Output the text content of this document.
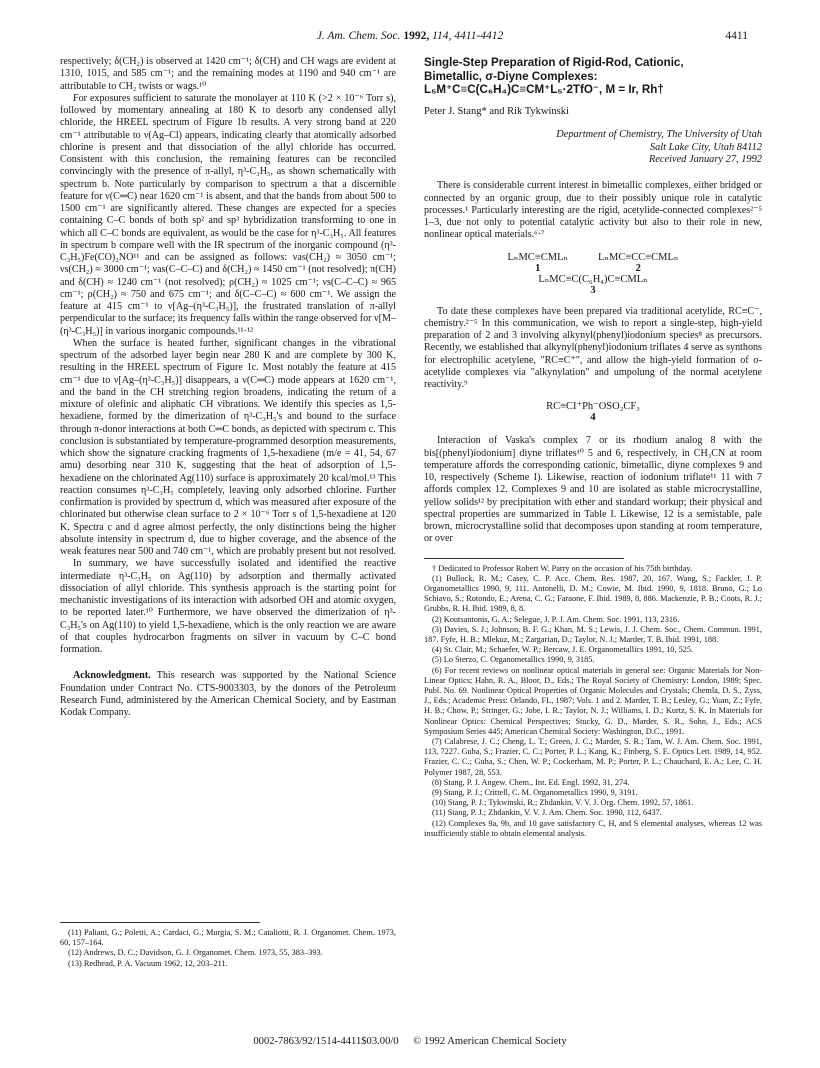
J. Am. Chem. Soc. 1992, 114, 4411-4412	4411

respectively; δ(CH₂) is observed at 1420 cm⁻¹; δ(CH) and CH wags are evident at 1310, 1015, and 585 cm⁻¹; and the remaining modes at 1190 and 940 cm⁻¹ are attributable to CH₂ twists or wags.¹⁰

For exposures sufficient to saturate the monolayer at 110 K (>2 × 10⁻⁶ Torr s), followed by momentary annealing at 180 K to desorb any condensed allyl chloride, the HREEL spectrum of Figure 1b results. A very strong band at 220 cm⁻¹ attributable to ν(Ag–Cl) appears, indicating clearly that atomically adsorbed chlorine is present and that dissociation of the allyl chloride has occurred. Consistent with this conclusion, the remaining features can be reconciled convincingly with the presence of π-allyl, η³-C₃H₅, as shown schematically with spectrum b. Note particularly by comparison to spectrum a that a discernible feature for ν(C═C) near 1620 cm⁻¹ is absent, and that the bands from about 500 to 1500 cm⁻¹ are significantly altered. These changes are expected for a species containing C–C bonds of both sp² and sp³ hybridization transforming to one in which all C–C bonds are equivalent, as would be the case for η³-C₃H₅. All features in spectrum b compare well with the IR spectrum of the inorganic compound (η³-C₃H₅)Fe(CO)₂NO¹¹ and can be assigned as follows: νas(CH₂) ≈ 3050 cm⁻¹; νs(CH₂) ≈ 3000 cm⁻¹; νas(C–C–C) and δ(CH₂) ≈ 1450 cm⁻¹ (not resolved); π(CH) and δ(CH) ≈ 1240 cm⁻¹ (not resolved); ρ(CH₂) ≈ 1025 cm⁻¹; νs(C–C–C) ≈ 965 cm⁻¹; ρ(CH₂) ≈ 750 and 675 cm⁻¹; and δ(C–C–C) ≈ 600 cm⁻¹. We assign the feature at 415 cm⁻¹ to ν[Ag–(η³-C₃H₅)], the frustrated translation of π-allyl perpendicular to the surface; its frequency falls within the range observed for ν[M–(η³-C₃H₅)] in various inorganic compounds.¹¹·¹²

When the surface is heated further, significant changes in the vibrational spectrum of the adsorbed layer begin near 280 K and are complete by 300 K, resulting in the HREEL spectrum of Figure 1c. Most notably the feature at 415 cm⁻¹ due to ν[Ag–(η³-C₃H₅)] disappears, a ν(C═C) mode appears at 1620 cm⁻¹, and the band in the CH stretching region broadens, indicating the return of a mixture of olefinic and aliphatic CH vibrations. We identify this species as 1,5-hexadiene, formed by the dimerization of η³-C₃H₅'s and bound to the surface through π-donor interactions at both C═C bonds, as depicted with spectrum c. This conclusion is substantiated by temperature-programmed desorption measurements, which show the signature cracking fragments of 1,5-hexadiene (m/e = 41, 54, 67 amu) desorbing near 310 K, suggesting that the heat of adsorption of 1,5-hexadiene on the chlorinated Ag(110) surface is approximately 20 kcal/mol.¹³ This reaction consumes η³-C₃H₅ completely, leaving only adsorbed chlorine. Further confirmation is provided by spectrum d, which was measured after exposure of the chlorinated but otherwise clean surface to 2 × 10⁻⁶ Torr s of 1,5-hexadiene at 120 K. Spectra c and d agree almost perfectly, the only distinctions being the higher absolute intensity in spectrum d, due to higher coverage, and the absence of the weak features near 500 and 740 cm⁻¹, which are probably present but not resolved.

In summary, we have successfully isolated and identified the reactive intermediate η³-C₃H₅ on Ag(110) by adsorption and thermally activated dissociation of allyl chloride. This synthesis approach is the starting point for mechanistic investigations of its interaction with adsorbed OH and atomic oxygen, to be reported later.¹⁰ Furthermore, we have observed the dimerization of η³-C₃H₅'s on Ag(110) to yield 1,5-hexadiene, which is the only reaction we are aware of that couples hydrocarbon fragments on silver in vacuum by C–C bond formation.

Acknowledgment. This research was supported by the National Science Foundation under Contract No. CTS-9003303, by the donors of the Petroleum Research Fund, administered by the American Chemical Society, and by Eastman Kodak Company.

(11) Paliani, G.; Poletti, A.; Cardaci, G.; Murgia, S. M.; Cataliotti, R. J. Organomet. Chem. 1973, 60, 157–164.

(12) Andrews, D. C.; Davidson, G. J. Organomet. Chem. 1973, 55, 383–393.

(13) Redhead, P. A. Vacuum 1962, 12, 203–211.

Single-Step Preparation of Rigid-Rod, Cationic,
Bimetallic, σ-Diyne Complexes:
L₅M⁺C≡C(C₆H₄)C≡CM⁺L₅·2TfO⁻, M = Ir, Rh†
Peter J. Stang* and Rik Tykwinski
Department of Chemistry, The University of Utah
Salt Lake City, Utah 84112
Received January 27, 1992

There is considerable current interest in bimetallic complexes, either bridged or connected by an organic group, due to their possibly unique role in catalytic processes.¹ Particularly interesting are the rigid, acetylide-connected complexes²⁻⁵ 1–3, due not only to potential catalytic activity but also to their role in new, nonlinear optical materials.⁶·⁷

LₙMC≡CMLₙ
1
LₙMC≡CC≡CMLₙ
2
LₙMC≡C(C₆H₄)C≡CMLₙ
3

To date these complexes have been prepared via traditional acetylide, RC≡C⁻, chemistry.²⁻⁵ In this communication, we wish to report a single-step, high-yield preparation of 2 and 3 involving alkynyl(phenyl)iodonium species⁸ as precursors. Recently, we established that alkynyl(phenyl)iodonium triflates 4 serve as synthons for electrophilic acetylene, "RC≡C⁺", and allow the high-yield formation of σ-acetylide complexes via "alkynylation" and umpolung of the normal acetylene reactivity.⁹

RC≡CI⁺Ph⁻OSO₂CF₃
4

Interaction of Vaska's complex 7 or its rhodium analog 8 with the bis[(phenyl)iodonium] diyne triflates¹⁰ 5 and 6, respectively, in CH₃CN at room temperature affords the corresponding cationic, bimetallic, diyne complexes 9 and 10, respectively (Scheme I). Likewise, reaction of iodonium triflate¹¹ 11 with 7 affords complex 12. Complexes 9 and 10 are isolated as stable microcrystalline, yellow solids¹² by precipitation with ether and standard workup; their physical and spectral properties are summarized in Table I. Likewise, 12 is a semistable, pale brown, microcrystalline solid that decomposes upon standing at room temperature, or over

† Dedicated to Professor Robert W. Parry on the occasion of his 75th birthday.

(1) Bullock, R. M.; Casey, C. P. Acc. Chem. Res. 1987, 20, 167. Wang, S.; Fackler, J. P. Organometallics 1990, 9, 111. Antonelli, D. M.; Cowie, M. Ibid. 1990, 9, 1818. Bruno, G.; Lo Schiavo, S.; Rotondo, E.; Arena, C. G.; Faraone, F. Ibid. 1989, 8, 886. Mackenzie, P. B.; Coots, R. J.; Grubbs, R. H. Ibid. 1989, 8, 8.

(2) Koutsantonis, G. A.; Selegue, J. P. J. Am. Chem. Soc. 1991, 113, 2316.

(3) Davies, S. J.; Johnson, B. F. G.; Khan, M. S.; Lewis, J. J. Chem. Soc., Chem. Commun. 1991, 187. Fyfe, H. B.; Mlekuz, M.; Zargarian, D.; Taylor, N. J.; Marder, T. B. Ibid. 1991, 188.

(4) St. Clair, M.; Schaefer, W. P.; Bercaw, J. E. Organometallics 1991, 10, 525.

(5) Lo Sterzo, C. Organometallics 1990, 9, 3185.

(6) For recent reviews on nonlinear optical materials in general see: Organic Materials for Non-Linear Optics; Hahn, R. A., Bloor, D., Eds.; The Royal Society of Chemistry: London, 1989; Spec. Publ. No. 69. Nonlinear Optical Properties of Organic Molecules and Crystals; Chemla, D. S., Zyss, J., Eds.; Academic Press: Orlando, FL, 1987; Vols. 1 and 2. Marder, T. B.; Lesley, G.; Yuan, Z.; Fyfe, H. B.; Chow, P.; Stringer, G.; Jobe, I. R.; Taylor, N. J.; Williams, I. D.; Kurtz, S. K. In Materials for Nonlinear Optics: Chemical Perspectives; Stucky, G. D., Marder, S. R., Sohn, J., Eds.; ACS Symposium Series 445; American Chemical Society: Washington, D.C., 1991.

(7) Calabrese, J. C.; Cheng, L. T.; Green, J. C.; Marder, S. R.; Tam, W. J. Am. Chem. Soc. 1991, 113, 7227. Guha, S.; Frazier, C. C.; Porter, P. L.; Kang, K.; Finberg, S. E. Optics Lett. 1989, 14, 952. Frazier, C. C.; Guha, S.; Chen, W. P.; Cockerham, M. P.; Porter, P. L.; Chauchard, E. A.; Lee, C. H. Polymer 1987, 28, 553.

(8) Stang, P. J. Angew. Chem., Int. Ed. Engl. 1992, 31, 274.

(9) Stang, P. J.; Crittell, C. M. Organometallics 1990, 9, 3191.

(10) Stang, P. J.; Tykwinski, R.; Zhdankin, V. V. J. Org. Chem. 1992, 57, 1861.

(11) Stang, P. J.; Zhdankin, V. V. J. Am. Chem. Soc. 1990, 112, 6437.

(12) Complexes 9a, 9b, and 10 gave satisfactory C, H, and S elemental analyses, whereas 12 was insufficiently stable to obtain elemental analysis.

0002-7863/92/1514-4411$03.00/0 © 1992 American Chemical Society
